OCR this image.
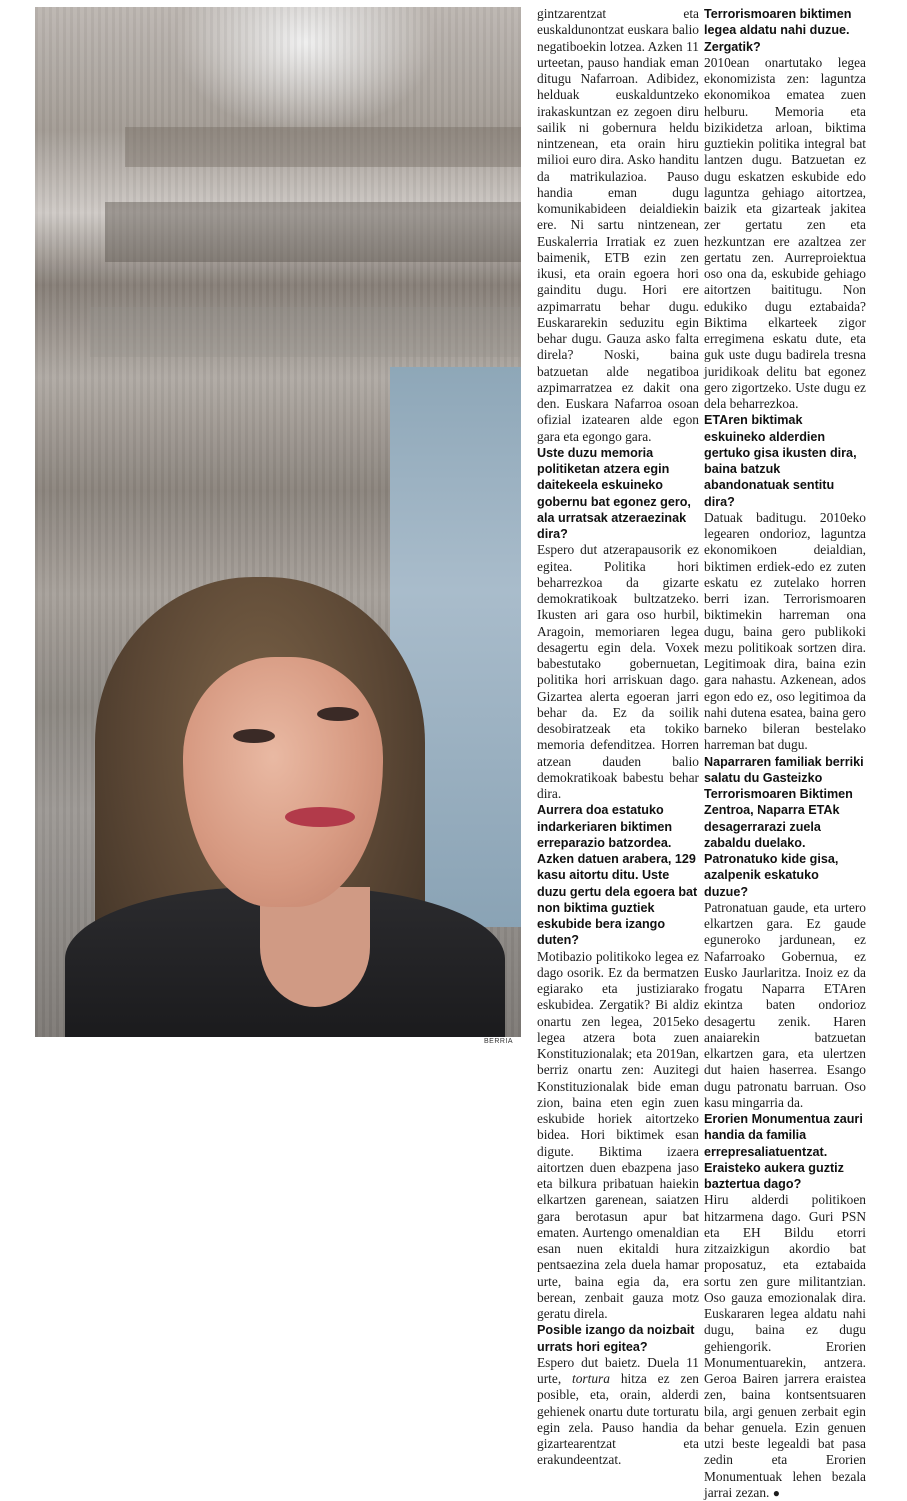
BERRIA

gintzarentzat eta euskaldunontzat euskara balio negatiboekin lotzea. Azken 11 urteetan, pauso handiak eman ditugu Nafarroan. Adibidez, helduak euskalduntzeko irakaskuntzan ez zegoen diru sailik ni gobernura heldu nintzenean, eta orain hiru milioi euro dira. Asko handitu da matrikulazioa. Pauso handia eman dugu komunikabideen deialdiekin ere. Ni sartu nintzenean, Euskalerria Irratiak ez zuen baimenik, ETB ezin zen ikusi, eta orain egoera hori gainditu dugu. Hori ere azpimarratu behar dugu. Euskararekin seduzitu egin behar dugu. Gauza asko falta direla? Noski, baina batzuetan alde negatiboa azpimarratzea ez dakit ona den. Euskara Nafarroa osoan ofizial izatearen alde egon gara eta egongo gara.

Uste duzu memoria politiketan atzera egin daitekeela eskuineko gobernu bat egonez gero, ala urratsak atzeraezinak dira?

Espero dut atzerapausorik ez egitea. Politika hori beharrezkoa da gizarte demokratikoak bultzatzeko. Ikusten ari gara oso hurbil, Aragoin, memoriaren legea desagertu egin dela. Voxek babestutako gobernuetan, politika hori arriskuan dago. Gizartea alerta egoeran jarri behar da. Ez da soilik desobiratzeak eta tokiko memoria defenditzea. Horren atzean dauden balio demokratikoak babestu behar dira.

Aurrera doa estatuko indarkeriaren biktimen erreparazio batzordea. Azken datuen arabera, 129 kasu aitortu ditu. Uste duzu gertu dela egoera bat non biktima guztiek eskubide bera izango duten?

Motibazio politikoko legea ez dago osorik. Ez da bermatzen egiarako eta justiziarako eskubidea. Zergatik? Bi aldiz onartu zen legea, 2015eko legea atzera bota zuen Konstituzionalak; eta 2019an, berriz onartu zen: Auzitegi Konstituzionalak bide eman zion, baina eten egin zuen eskubide horiek aitortzeko bidea. Hori biktimek esan digute. Biktima izaera aitortzen duen ebazpena jaso eta bilkura pribatuan haiekin elkartzen garenean, saiatzen gara berotasun apur bat ematen. Aurtengo omenaldian esan nuen ekitaldi hura pentsaezina zela duela hamar urte, baina egia da, era berean, zenbait gauza motz geratu direla.

Posible izango da noizbait urrats hori egitea?

Espero dut baietz. Duela 11 urte, tortura hitza ez zen posible, eta, orain, alderdi gehienek onartu dute torturatu egin zela. Pauso handia da gizartearentzat eta erakundeentzat.

Terrorismoaren biktimen legea aldatu nahi duzue. Zergatik?

2010ean onartutako legea ekonomizista zen: laguntza ekonomikoa ematea zuen helburu. Memoria eta bizikidetza arloan, biktima guztiekin politika integral bat lantzen dugu. Batzuetan ez dugu eskatzen eskubide edo laguntza gehiago aitortzea, baizik eta gizarteak jakitea zer gertatu zen eta hezkuntzan ere azaltzea zer gertatu zen. Aurreproiektua oso ona da, eskubide gehiago aitortzen baititugu. Non edukiko dugu eztabaida? Biktima elkarteek zigor erregimena eskatu dute, eta guk uste dugu badirela tresna juridikoak delitu bat egonez gero zigortzeko. Uste dugu ez dela beharrezkoa.

ETAren biktimak eskuineko alderdien gertuko gisa ikusten dira, baina batzuk abandonatuak sentitu dira?

Datuak baditugu. 2010eko legearen ondorioz, laguntza ekonomikoen deialdian, biktimen erdiek-edo ez zuten eskatu ez zutelako horren berri izan. Terrorismoaren biktimekin harreman ona dugu, baina gero publikoki mezu politikoak sortzen dira. Legitimoak dira, baina ezin gara nahastu. Azkenean, ados egon edo ez, oso legitimoa da nahi dutena esatea, baina gero barneko bileran bestelako harreman bat dugu.

Naparraren familiak berriki salatu du Gasteizko Terrorismoaren Biktimen Zentroa, Naparra ETAk desagerrarazi zuela zabaldu duelako. Patronatuko kide gisa, azalpenik eskatuko duzue?

Patronatuan gaude, eta urtero elkartzen gara. Ez gaude eguneroko jardunean, ez Nafarroako Gobernua, ez Eusko Jaurlaritza. Inoiz ez da frogatu Naparra ETAren ekintza baten ondorioz desagertu zenik. Haren anaiarekin batzuetan elkartzen gara, eta ulertzen dut haien haserrea. Esango dugu patronatu barruan. Oso kasu mingarria da.

Erorien Monumentua zauri handia da familia errepresaliatuentzat. Eraisteko aukera guztiz baztertua dago?

Hiru alderdi politikoen hitzarmena dago. Guri PSN eta EH Bildu etorri zitzaizkigun akordio bat proposatuz, eta eztabaida sortu zen gure militantzian. Oso gauza emozionalak dira. Euskararen legea aldatu nahi dugu, baina ez dugu gehiengorik. Erorien Monumentuarekin, antzera. Geroa Bairen jarrera eraistea zen, baina kontsentsuaren bila, argi genuen zerbait egin behar genuela. Ezin genuen utzi beste legealdi bat pasa zedin eta Erorien Monumentuak lehen bezala jarrai zezan. ●
